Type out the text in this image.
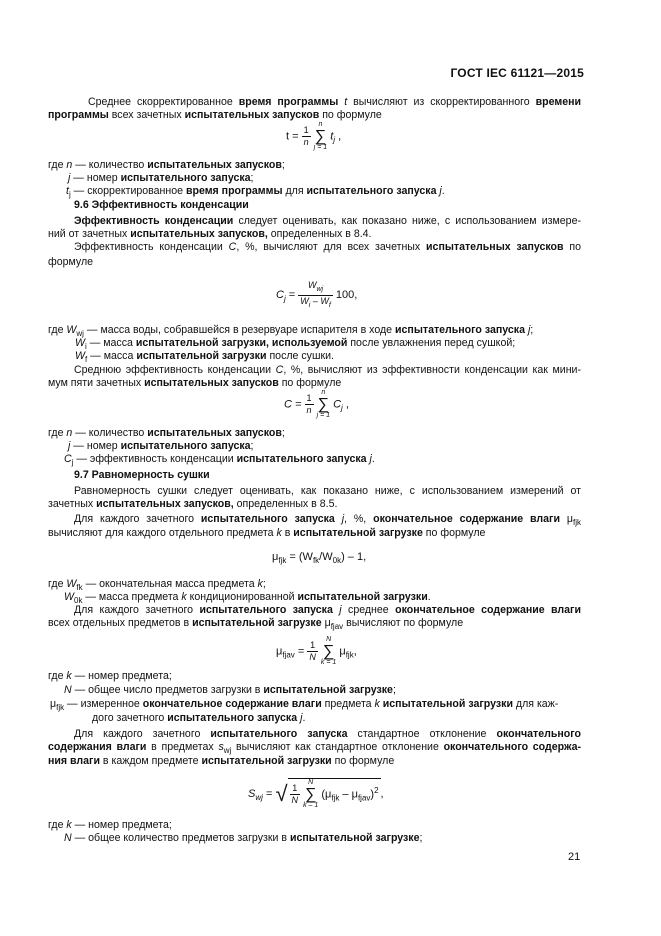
ГОСТ IEC 61121—2015
Среднее скорректированное время программы t вычисляют из скорректированного времени
программы всех зачетных испытательных запусков по формуле
$t = \frac{1}{n}$

n
∑
j = 1
$t_j$ ,
где n — количество испытательных запусков;
j — номер испытательного запуска;
$t_j$ — скорректированное время программы для испытательного запуска j.
9.6 Эффективность конденсации
Эффективность конденсации следует оценивать, как показано ниже, с использованием измере-
ний от зачетных испытательных запусков, определенных в 8.4.
Эффективность конденсации C, %, вычисляют для всех зачетных испытательных запусков по
формуле
$C_j = \frac{W_{wj}}{W_i - W_f} 100$,
где $W_{wj}$ — масса воды, собравшейся в резервуаре испарителя в ходе испытательного запуска j;
$W_i$ — масса испытательной загрузки, используемой после увлажнения перед сушкой;
$W_f$ — масса испытательной загрузки после сушки.
Среднюю эффективность конденсации C, %, вычисляют из эффективности конденсации как мини-
мум пяти зачетных испытательных запусков по формуле
$C = \frac{1}{n}$

n
∑
j = 1
$C_j$ ,
где n — количество испытательных запусков;
j — номер испытательного запуска;
$C_j$ — эффективность конденсации испытательного запуска j.
9.7 Равномерность сушки
Равномерность сушки следует оценивать, как показано ниже, с использованием измерений от
зачетных испытательных запусков, определенных в 8.5.
Для каждого зачетного испытательного запуска j, %, окончательное содержание влаги $\mu_{fjk}$
вычисляют для каждого отдельного предмета k в испытательной загрузке по формуле
$\mu_{fjk} = (W_{fk}/W_{0k}) - 1$,
где $W_{fk}$ — окончательная масса предмета k;
$W_{0k}$ — масса предмета k кондиционированной испытательной загрузки.
Для каждого зачетного испытательного запуска j среднее окончательное содержание влаги
всех отдельных предметов в испытательной загрузке $\mu_{fjav}$ вычисляют по формуле
$\mu_{fjav} = \frac{1}{N}$

N
∑
k = 1
$\mu_{fjk}$,
где k — номер предмета;
N — общее число предметов загрузки в испытательной загрузке;
$\mu_{fjk}$ — измеренное окончательное содержание влаги предмета k испытательной загрузки для каж-
дого зачетного испытательного запуска j.
Для каждого зачетного испытательного запуска стандартное отклонение окончательного
содержания влаги в предметах $s_{wj}$ вычисляют как стандартное отклонение окончательного содержа-
ния влаги в каждом предмете испытательной загрузки по формуле
$S_{wj}$ = √ $\frac{1}{N}$

N
∑
k – 1
$(\mu_{fjk} - \mu_{fjav})^2$ ,
где k — номер предмета;
N — общее количество предметов загрузки в испытательной загрузке;
21
